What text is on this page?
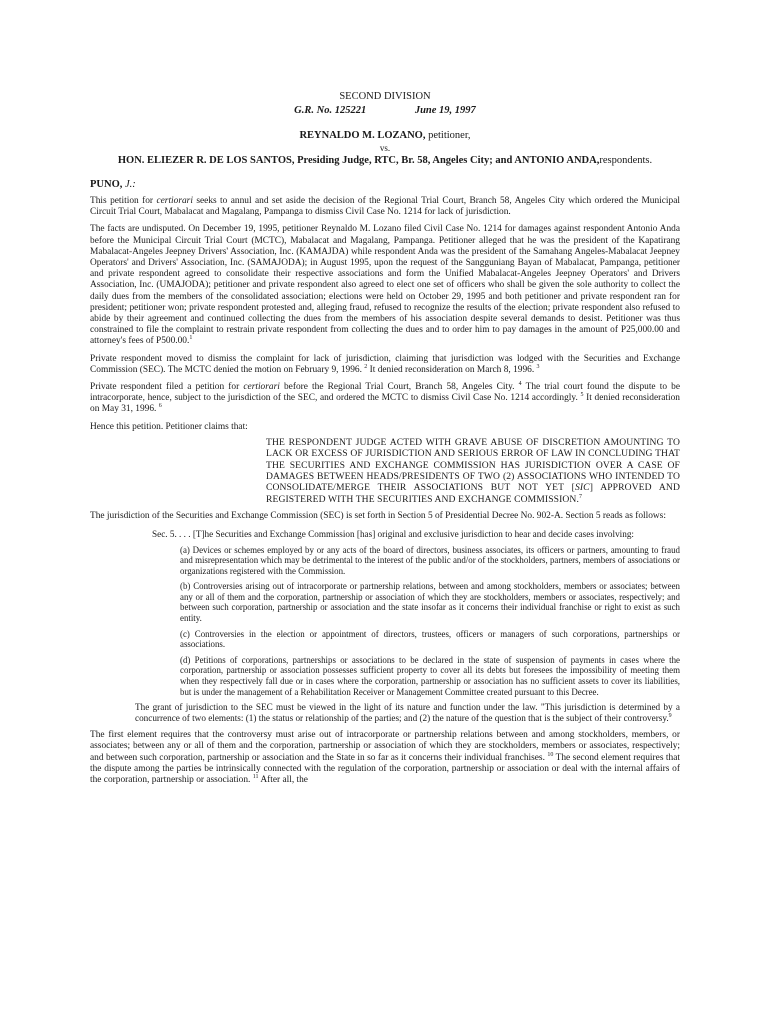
SECOND DIVISION
G.R. No. 125221	June 19, 1997
REYNALDO M. LOZANO, petitioner,
vs.
HON. ELIEZER R. DE LOS SANTOS, Presiding Judge, RTC, Br. 58, Angeles City; and ANTONIO ANDA,respondents.
PUNO, J.:

This petition for certiorari seeks to annul and set aside the decision of the Regional Trial Court, Branch 58, Angeles City which ordered the Municipal Circuit Trial Court, Mabalacat and Magalang, Pampanga to dismiss Civil Case No. 1214 for lack of jurisdiction.

The facts are undisputed. On December 19, 1995, petitioner Reynaldo M. Lozano filed Civil Case No. 1214 for damages against respondent Antonio Anda before the Municipal Circuit Trial Court (MCTC), Mabalacat and Magalang, Pampanga. Petitioner alleged that he was the president of the Kapatirang Mabalacat-Angeles Jeepney Drivers' Association, Inc. (KAMAJDA) while respondent Anda was the president of the Samahang Angeles-Mabalacat Jeepney Operators' and Drivers' Association, Inc. (SAMAJODA); in August 1995, upon the request of the Sangguniang Bayan of Mabalacat, Pampanga, petitioner and private respondent agreed to consolidate their respective associations and form the Unified Mabalacat-Angeles Jeepney Operators' and Drivers Association, Inc. (UMAJODA); petitioner and private respondent also agreed to elect one set of officers who shall be given the sole authority to collect the daily dues from the members of the consolidated association; elections were held on October 29, 1995 and both petitioner and private respondent ran for president; petitioner won; private respondent protested and, alleging fraud, refused to recognize the results of the election; private respondent also refused to abide by their agreement and continued collecting the dues from the members of his association despite several demands to desist. Petitioner was thus constrained to file the complaint to restrain private respondent from collecting the dues and to order him to pay damages in the amount of P25,000.00 and attorney's fees of P500.00.$^1$

Private respondent moved to dismiss the complaint for lack of jurisdiction, claiming that jurisdiction was lodged with the Securities and Exchange Commission (SEC). The MCTC denied the motion on February 9, 1996. $^2$ It denied reconsideration on March 8, 1996. $^3$

Private respondent filed a petition for certiorari before the Regional Trial Court, Branch 58, Angeles City. $^4$ The trial court found the dispute to be intracorporate, hence, subject to the jurisdiction of the SEC, and ordered the MCTC to dismiss Civil Case No. 1214 accordingly. $^5$ It denied reconsideration on May 31, 1996. $^6$

Hence this petition. Petitioner claims that:

THE RESPONDENT JUDGE ACTED WITH GRAVE ABUSE OF DISCRETION AMOUNTING TO LACK OR EXCESS OF JURISDICTION AND SERIOUS ERROR OF LAW IN CONCLUDING THAT THE SECURITIES AND EXCHANGE COMMISSION HAS JURISDICTION OVER A CASE OF DAMAGES BETWEEN HEADS/PRESIDENTS OF TWO (2) ASSOCIATIONS WHO INTENDED TO CONSOLIDATE/MERGE THEIR ASSOCIATIONS BUT NOT YET [SIC] APPROVED AND REGISTERED WITH THE SECURITIES AND EXCHANGE COMMISSION.$^7$

The jurisdiction of the Securities and Exchange Commission (SEC) is set forth in Section 5 of Presidential Decree No. 902-A. Section 5 reads as follows:

Sec. 5. . . . [T]he Securities and Exchange Commission [has] original and exclusive jurisdiction to hear and decide cases involving:

(a) Devices or schemes employed by or any acts of the board of directors, business associates, its officers or partners, amounting to fraud and misrepresentation which may be detrimental to the interest of the public and/or of the stockholders, partners, members of associations or organizations registered with the Commission.

(b) Controversies arising out of intracorporate or partnership relations, between and among stockholders, members or associates; between any or all of them and the corporation, partnership or association of which they are stockholders, members or associates, respectively; and between such corporation, partnership or association and the state insofar as it concerns their individual franchise or right to exist as such entity.

(c) Controversies in the election or appointment of directors, trustees, officers or managers of such corporations, partnerships or associations.

(d) Petitions of corporations, partnerships or associations to be declared in the state of suspension of payments in cases where the corporation, partnership or association possesses sufficient property to cover all its debts but foresees the impossibility of meeting them when they respectively fall due or in cases where the corporation, partnership or association has no sufficient assets to cover its liabilities, but is under the management of a Rehabilitation Receiver or Management Committee created pursuant to this Decree.

The grant of jurisdiction to the SEC must be viewed in the light of its nature and function under the law. "This jurisdiction is determined by a concurrence of two elements: (1) the status or relationship of the parties; and (2) the nature of the question that is the subject of their controversy.$^9$

The first element requires that the controversy must arise out of intracorporate or partnership relations between and among stockholders, members, or associates; between any or all of them and the corporation, partnership or association of which they are stockholders, members or associates, respectively; and between such corporation, partnership or association and the State in so far as it concerns their individual franchises. $^{10}$ The second element requires that the dispute among the parties be intrinsically connected with the regulation of the corporation, partnership or association or deal with the internal affairs of the corporation, partnership or association. $^{11}$ After all, the
